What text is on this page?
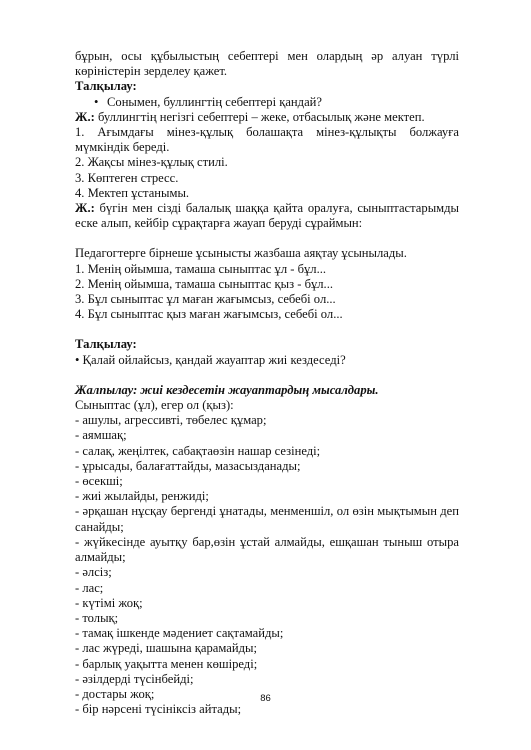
бұрын, осы құбылыстың себептері мен олардың әр алуан түрлі көріністерін зерделеу қажет.

Талқылау:

• Сонымен, буллингтің себептері қандай?

Ж.: буллингтің негізгі себептері – жеке, отбасылық және мектеп.

1. Ағымдағы мінез-құлық болашақта мінез-құлықты болжауға мүмкіндік береді.

2. Жақсы мінез-құлық стилі.

3. Көптеген стресс.

4. Мектеп ұстанымы.

Ж.: бүгін мен сізді балалық шаққа қайта оралуға, сыныптастарымды еске алып, кейбір сұрақтарға жауап беруді сұраймын:

Педагогтерге бірнеше ұсынысты жазбаша аяқтау ұсынылады.

1. Менің ойымша, тамаша сыныптас ұл - бұл...

2. Менің ойымша, тамаша сыныптас қыз - бұл...

3. Бұл сыныптас ұл маған жағымсыз, себебі ол...

4. Бұл сыныптас қыз маған жағымсыз, себебі ол...

Талқылау:

• Қалай ойлайсыз, қандай жауаптар жиі кездеседі?

Жалпылау: жиі кездесетін жауаптардың мысалдары.

Сыныптас (ұл), егер ол (қыз):

- ашулы, агрессивті, төбелес құмар;

- аямшақ;

- салақ, жеңілтек, сабақтаөзін нашар сезінеді;

- ұрысады, балағаттайды, мазасызданады;

- өсекші;

- жиі жылайды, ренжиді;

- әрқашан нұсқау бергенді ұнатады, менменшіл, ол өзін мықтымын деп санайды;

- жүйкесінде ауытқу бар,өзін ұстай алмайды, ешқашан тыныш отыра алмайды;

- әлсіз;

- лас;

- күтімі жоқ;

- толық;

- тамақ ішкенде мәдениет сақтамайды;

- лас жүреді, шашына қарамайды;

- барлық уақытта менен көшіреді;

- әзілдерді түсінбейді;

- достары жоқ;

- бір нәрсені түсініксіз айтады;

86
